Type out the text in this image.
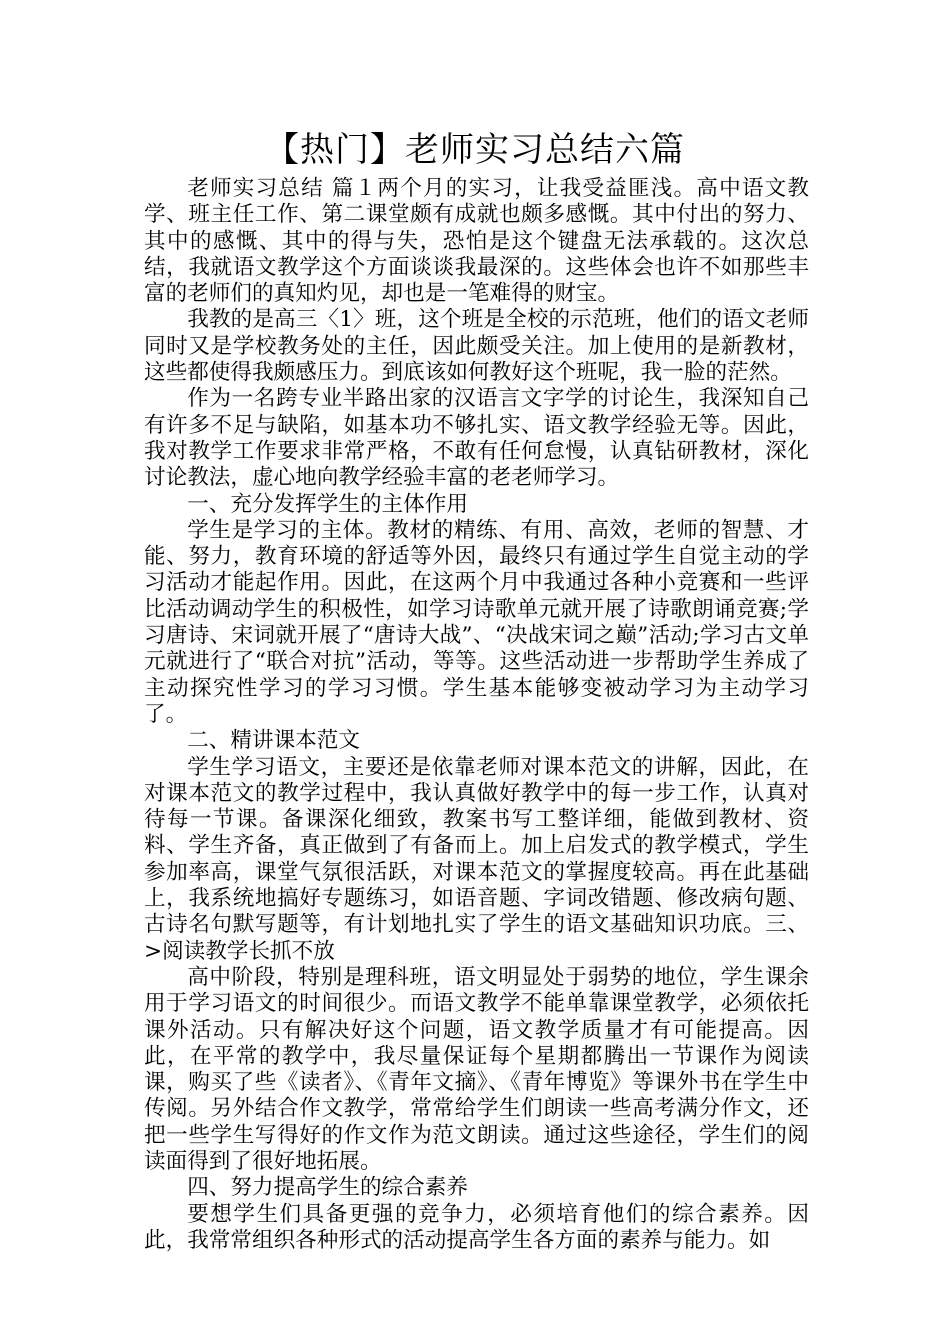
【热门】老师实习总结六篇

老师实习总结 篇１两个月的实习，让我受益匪浅。高中语文教学、班主任工作、第二课堂颇有成就也颇多感慨。其中付出的努力、其中的感慨、其中的得与失，恐怕是这个键盘无法承载的。这次总结，我就语文教学这个方面谈谈我最深的。这些体会也许不如那些丰富的老师们的真知灼见，却也是一笔难得的财宝。

我教的是高三〈1〉班，这个班是全校的示范班，他们的语文老师同时又是学校教务处的主任，因此颇受关注。加上使用的是新教材，这些都使得我颇感压力。到底该如何教好这个班呢，我一脸的茫然。

作为一名跨专业半路出家的汉语言文字学的讨论生，我深知自己有许多不足与缺陷，如基本功不够扎实、语文教学经验无等。因此，我对教学工作要求非常严格，不敢有任何怠慢，认真钻研教材，深化讨论教法，虚心地向教学经验丰富的老老师学习。

一、充分发挥学生的主体作用

学生是学习的主体。教材的精练、有用、高效，老师的智慧、才能、努力，教育环境的舒适等外因，最终只有通过学生自觉主动的学习活动才能起作用。因此，在这两个月中我通过各种小竞赛和一些评比活动调动学生的积极性，如学习诗歌单元就开展了诗歌朗诵竞赛;学习唐诗、宋词就开展了“唐诗大战”、“决战宋词之巅”活动;学习古文单元就进行了“联合对抗”活动，等等。这些活动进一步帮助学生养成了主动探究性学习的学习习惯。学生基本能够变被动学习为主动学习了。

二、精讲课本范文

学生学习语文，主要还是依靠老师对课本范文的讲解，因此，在对课本范文的教学过程中，我认真做好教学中的每一步工作，认真对待每一节课。备课深化细致，教案书写工整详细，能做到教材、资料、学生齐备，真正做到了有备而上。加上启发式的教学模式，学生参加率高，课堂气氛很活跃，对课本范文的掌握度较高。再在此基础上，我系统地搞好专题练习，如语音题、字词改错题、修改病句题、古诗名句默写题等，有计划地扎实了学生的语文基础知识功底。三、>阅读教学长抓不放

高中阶段，特别是理科班，语文明显处于弱势的地位，学生课余用于学习语文的时间很少。而语文教学不能单靠课堂教学，必须依托课外活动。只有解决好这个问题，语文教学质量才有可能提高。因此，在平常的教学中，我尽量保证每个星期都腾出一节课作为阅读课，购买了些《读者》、《青年文摘》、《青年博览》等课外书在学生中传阅。另外结合作文教学，常常给学生们朗读一些高考满分作文，还把一些学生写得好的作文作为范文朗读。通过这些途径，学生们的阅读面得到了很好地拓展。

四、努力提高学生的综合素养

要想学生们具备更强的竞争力，必须培育他们的综合素养。因此，我常常组织各种形式的活动提高学生各方面的素养与能力。如
